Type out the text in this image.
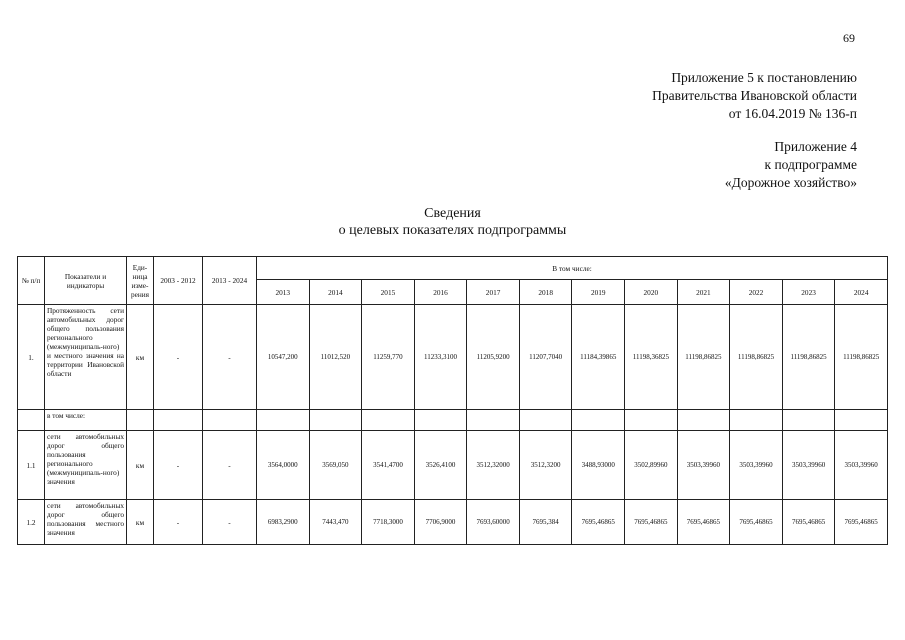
69
Приложение 5 к постановлению
Правительства Ивановской области
от 16.04.2019 № 136-п
Приложение 4
к подпрограмме
«Дорожное хозяйство»
Сведения
о целевых показателях подпрограммы
№ п/п	Показатели и индикаторы	Еди-ница изме-рения	2003 - 2012	2013 - 2024	В том числе:											
					2013	2014	2015	2016	2017	2018	2019	2020	2021	2022	2023	2024
1.	Протяженность сети автомобильных дорог общего пользования регионального (межмуниципаль-ного) и местного значения на территории Ивановской области	км	-	-	10547,200	11012,520	11259,770	11233,3100	11205,9200	11207,7040	11184,39865	11198,36825	11198,86825	11198,86825	11198,86825	11198,86825
	в том числе:															
1.1	сети автомобильных дорог общего пользования регионального (межмуниципаль-ного) значения	км	-	-	3564,0000	3569,050	3541,4700	3526,4100	3512,32000	3512,3200	3488,93000	3502,89960	3503,39960	3503,39960	3503,39960	3503,39960
1.2	сети автомобильных дорог общего пользования местного значения	км	-	-	6983,2900	7443,470	7718,3000	7706,9000	7693,60000	7695,384	7695,46865	7695,46865	7695,46865	7695,46865	7695,46865	7695,46865
